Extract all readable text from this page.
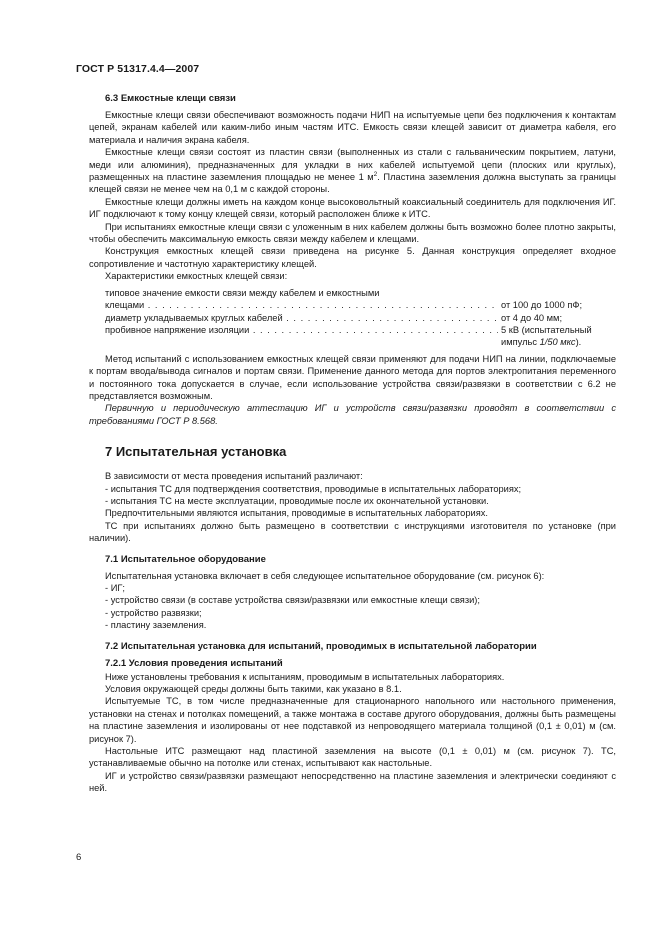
ГОСТ Р 51317.4.4—2007
6.3 Емкостные клещи связи

Емкостные клещи связи обеспечивают возможность подачи НИП на испытуемые цепи без подключения к контактам цепей, экранам кабелей или каким-либо иным частям ИТС. Емкость связи клещей зависит от диаметра кабеля, его материала и наличия экрана кабеля.

Емкостные клещи связи состоят из пластин связи (выполненных из стали с гальваническим покрытием, латуни, меди или алюминия), предназначенных для укладки в них кабелей испытуемой цепи (плоских или круглых), размещенных на пластине заземления площадью не менее 1 $м^2$. Пластина заземления должна выступать за границы клещей связи не менее чем на 0,1 м с каждой стороны.

Емкостные клещи должны иметь на каждом конце высоковольтный коаксиальный соединитель для подключения ИГ. ИГ подключают к тому концу клещей связи, который расположен ближе к ИТС.

При испытаниях емкостные клещи связи с уложенным в них кабелем должны быть возможно более плотно закрыты, чтобы обеспечить максимальную емкость связи между кабелем и клещами.

Конструкция емкостных клещей связи приведена на рисунке 5. Данная конструкция определяет входное сопротивление и частотную характеристику клещей.

Характеристики емкостных клещей связи:

типовое значение емкости связи между кабелем и емкостными
клещами . . .	от 100 до 1000 пФ;
диаметр укладываемых круглых кабелей . . .	от 4 до 40 мм;
пробивное напряжение изоляции . . .	5 кВ (испытательный импульс 1/50 мкс).

Метод испытаний с использованием емкостных клещей связи применяют для подачи НИП на линии, подключаемые к портам ввода/вывода сигналов и портам связи. Применение данного метода для портов электропитания переменного и постоянного тока допускается в случае, если использование устройства связи/развязки в соответствии с 6.2 не представляется возможным.

Первичную и периодическую аттестацию ИГ и устройств связи/развязки проводят в соответствии с требованиями ГОСТ Р 8.568.

7 Испытательная установка

В зависимости от места проведения испытаний различают:

- испытания ТС для подтверждения соответствия, проводимые в испытательных лабораториях;
- испытания ТС на месте эксплуатации, проводимые после их окончательной установки.

Предпочтительными являются испытания, проводимые в испытательных лабораториях.

ТС при испытаниях должно быть размещено в соответствии с инструкциями изготовителя по установке (при наличии).

7.1 Испытательное оборудование

Испытательная установка включает в себя следующее испытательное оборудование (см. рисунок 6):

- ИГ;
- устройство связи (в составе устройства связи/развязки или емкостные клещи связи);
- устройство развязки;
- пластину заземления.
7.2 Испытательная установка для испытаний, проводимых в испытательной лаборатории
7.2.1 Условия проведения испытаний

Ниже установлены требования к испытаниям, проводимым в испытательных лабораториях.

Условия окружающей среды должны быть такими, как указано в 8.1.

Испытуемые ТС, в том числе предназначенные для стационарного напольного или настольного применения, установки на стенах и потолках помещений, а также монтажа в составе другого оборудования, должны быть размещены на пластине заземления и изолированы от нее подставкой из непроводящего материала толщиной (0,1 ± 0,01) м (см. рисунок 7).

Настольные ИТС размещают над пластиной заземления на высоте (0,1 ± 0,01) м (см. рисунок 7). ТС, устанавливаемые обычно на потолке или стенах, испытывают как настольные.

ИГ и устройство связи/развязки размещают непосредственно на пластине заземления и электрически соединяют с ней.

6
